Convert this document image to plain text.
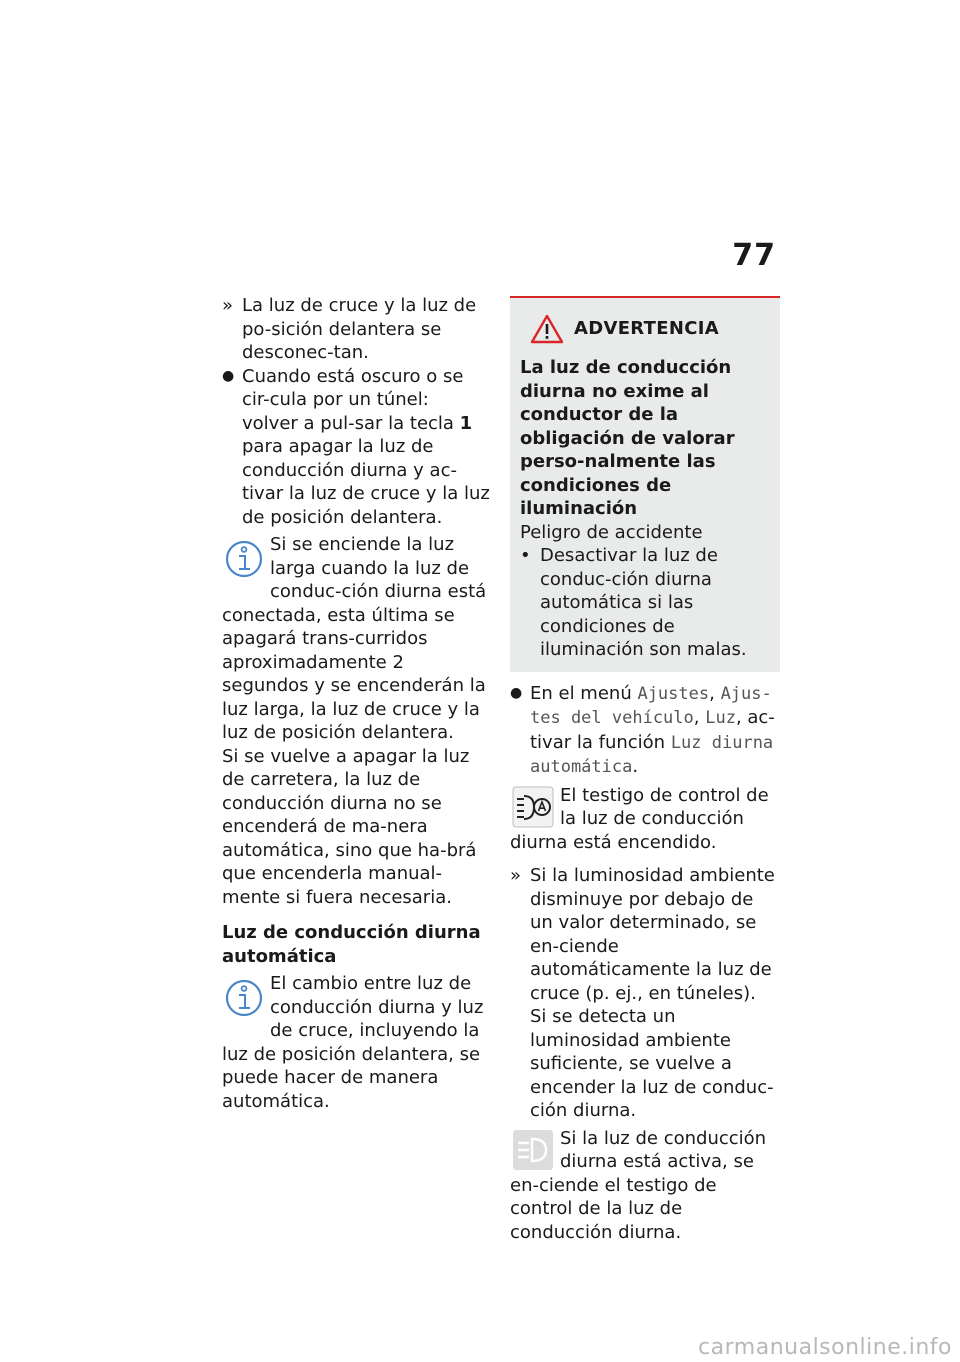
77
» La luz de cruce y la luz de po-sición delantera se desconec-tan.
● Cuando está oscuro o se cir-cula por un túnel: volver a pul-sar la tecla 1 para apagar la luz de conducción diurna y ac-tivar la luz de cruce y la luz de posición delantera.

Si se enciende la luz larga cuando la luz de conduc-ción diurna está conectada, esta última se apagará trans-curridos aproximadamente 2 segundos y se encenderán la luz larga, la luz de cruce y la luz de posición delantera.

Si se vuelve a apagar la luz de carretera, la luz de conducción diurna no se encenderá de ma-nera automática, sino que ha-brá que encenderla manual-mente si fuera necesaria.

Luz de conducción diurna automática

El cambio entre luz de conducción diurna y luz de cruce, incluyendo la luz de posición delantera, se puede hacer de manera automática.

ADVERTENCIA
La luz de conducción diurna no exime al conductor de la obligación de valorar perso-nalmente las condiciones de iluminación
Peligro de accidente
• Desactivar la luz de conduc-ción diurna automática si las condiciones de iluminación son malas.
● En el menú Ajustes, Ajus-tes del vehículo, Luz, ac-tivar la función Luz diurna automática.

El testigo de control de la luz de conducción diurna está encendido.

» Si la luminosidad ambiente disminuye por debajo de un valor determinado, se en-ciende automáticamente la luz de cruce (p. ej., en túneles).

Si se detecta un luminosidad ambiente suficiente, se vuelve a encender la luz de conduc-ción diurna.

Si la luz de conducción diurna está activa, se en-ciende el testigo de control de la luz de conducción diurna.

carmanualsonline.info
